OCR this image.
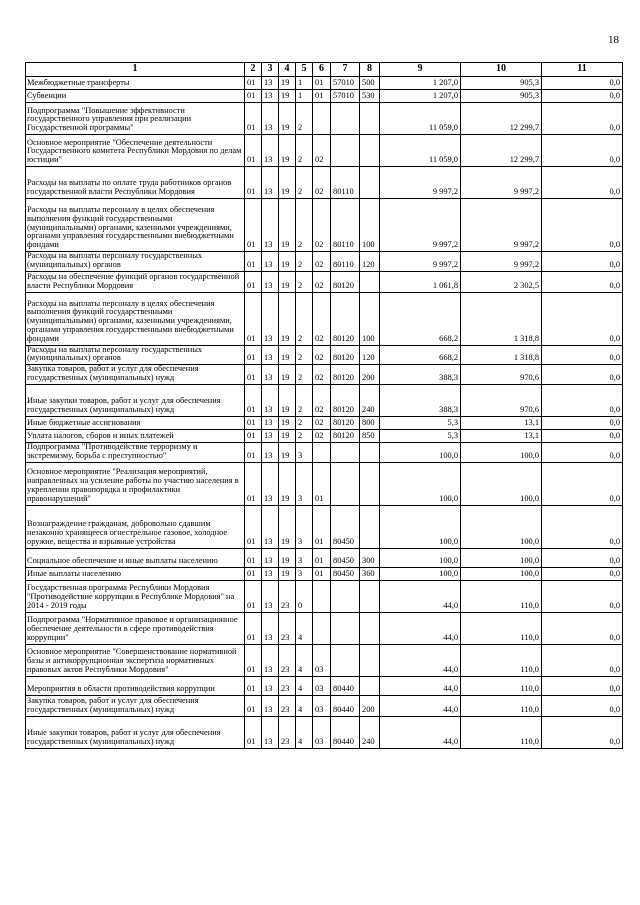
18
1	2	3	4	5	6	7	8	9	10	11
Межбюджетные трансферты	01	13	19	1	01	57010	500	1 207,0	905,3	0,0
Субвенции	01	13	19	1	01	57010	530	1 207,0	905,3	0,0
Подпрограмма "Повышение эффективности государственного управления при реализации Государственной программы"	01	13	19	2				11 059,0	12 299,7	0,0
Основное мероприятие "Обеспечение деятельности Государственного комитета Республики Мордовия по делам юстиции"	01	13	19	2	02			11 059,0	12 299,7	0,0
Расходы на выплаты по оплате труда работников органов государственной власти Республики Мордовия	01	13	19	2	02	80110		9 997,2	9 997,2	0,0
Расходы на выплаты персоналу в целях обеспечения выполнения функций государственными (муниципальными) органами, казенными учреждениями, органами управления государственными внебюджетными фондами	01	13	19	2	02	80110	100	9 997,2	9 997,2	0,0
Расходы на выплаты персоналу государственных (муниципальных) органов	01	13	19	2	02	80110	120	9 997,2	9 997,2	0,0
Расходы на обеспечение функций органов государственной власти Республики Мордовия	01	13	19	2	02	80120		1 061,8	2 302,5	0,0
Расходы на выплаты персоналу в целях обеспечения выполнения функций государственными (муниципальными) органами, казенными учреждениями, органами управления государственными внебюджетными фондами	01	13	19	2	02	80120	100	668,2	1 318,8	0,0
Расходы на выплаты персоналу государственных (муниципальных) органов	01	13	19	2	02	80120	120	668,2	1 318,8	0,0
Закупка товаров, работ и услуг для обеспечения государственных (муниципальных) нужд	01	13	19	2	02	80120	200	388,3	970,6	0,0
Иные закупки товаров, работ и услуг для обеспечения государственных (муниципальных) нужд	01	13	19	2	02	80120	240	388,3	970,6	0,0
Иные бюджетные ассигнования	01	13	19	2	02	80120	800	5,3	13,1	0,0
Уплата налогов, сборов и иных платежей	01	13	19	2	02	80120	850	5,3	13,1	0,0
Подпрограмма "Противодействие терроризму и экстремизму, борьба с преступностью"	01	13	19	3				100,0	100,0	0,0
Основное мероприятие "Реализация мероприятий, направленных на усиление работы по участию населения в укреплении правопорядка и профилактики правонарушений"	01	13	19	3	01			100,0	100,0	0,0
Вознаграждение гражданам, добровольно сдавшим незаконно хранящееся огнестрельное газовое, холодное оружие, вещества и взрывные устройства	01	13	19	3	01	80450		100,0	100,0	0,0
Социальное обеспечение и иные выплаты населению	01	13	19	3	01	80450	300	100,0	100,0	0,0
Иные выплаты населению	01	13	19	3	01	80450	360	100,0	100,0	0,0
Государственная программа Республики Мордовия "Противодействие коррупции в Республике Мордовия" на 2014 - 2019 годы	01	13	23	0				44,0	110,0	0,0
Подпрограмма "Нормативное правовое и организационное обеспечение деятельности в сфере противодействия коррупции"	01	13	23	4				44,0	110,0	0,0
Основное мероприятие "Совершенствование нормативной базы и антикоррупционная экспертиза нормативных правовых актов Республики Мордовия"	01	13	23	4	03			44,0	110,0	0,0
Мероприятия в области противодействия коррупции	01	13	23	4	03	80440		44,0	110,0	0,0
Закупка товаров, работ и услуг для обеспечения государственных (муниципальных) нужд	01	13	23	4	03	80440	200	44,0	110,0	0,0
Иные закупки товаров, работ и услуг для обеспечения государственных (муниципальных) нужд	01	13	23	4	03	80440	240	44,0	110,0	0,0
